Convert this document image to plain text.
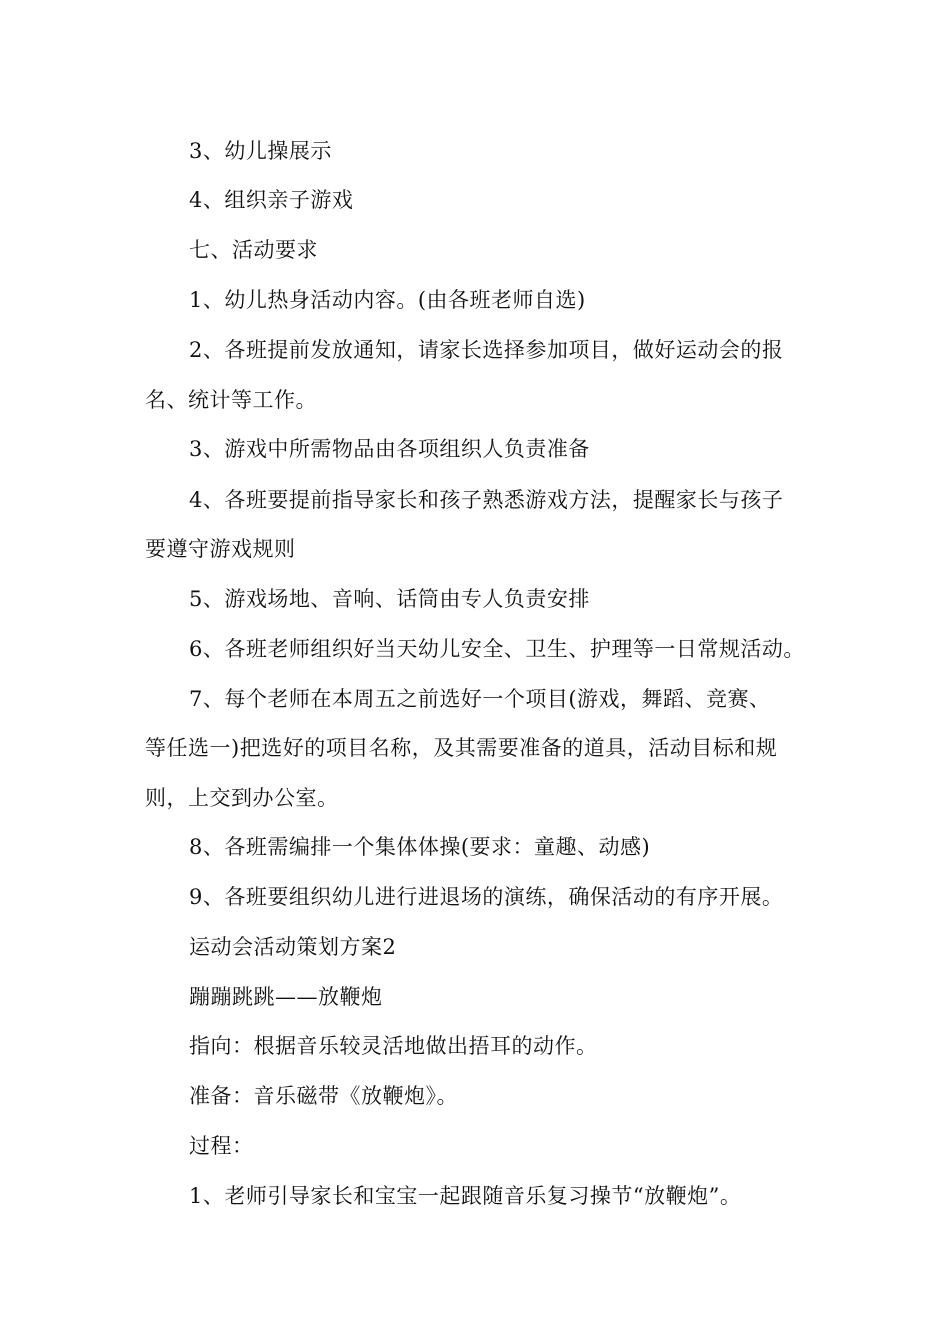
3、幼儿操展示
4、组织亲子游戏
七、活动要求
1、幼儿热身活动内容。(由各班老师自选)
2、各班提前发放通知，请家长选择参加项目，做好运动会的报
名、统计等工作。
3、游戏中所需物品由各项组织人负责准备
4、各班要提前指导家长和孩子熟悉游戏方法，提醒家长与孩子
要遵守游戏规则
5、游戏场地、音响、话筒由专人负责安排
6、各班老师组织好当天幼儿安全、卫生、护理等一日常规活动。
7、每个老师在本周五之前选好一个项目(游戏，舞蹈、竞赛、
等任选一)把选好的项目名称，及其需要准备的道具，活动目标和规
则，上交到办公室。
8、各班需编排一个集体体操(要求：童趣、动感)
9、各班要组织幼儿进行进退场的演练，确保活动的有序开展。
运动会活动策划方案2
蹦蹦跳跳——放鞭炮
指向：根据音乐较灵活地做出捂耳的动作。
准备：音乐磁带《放鞭炮》。
过程：
1、老师引导家长和宝宝一起跟随音乐复习操节“放鞭炮”。
